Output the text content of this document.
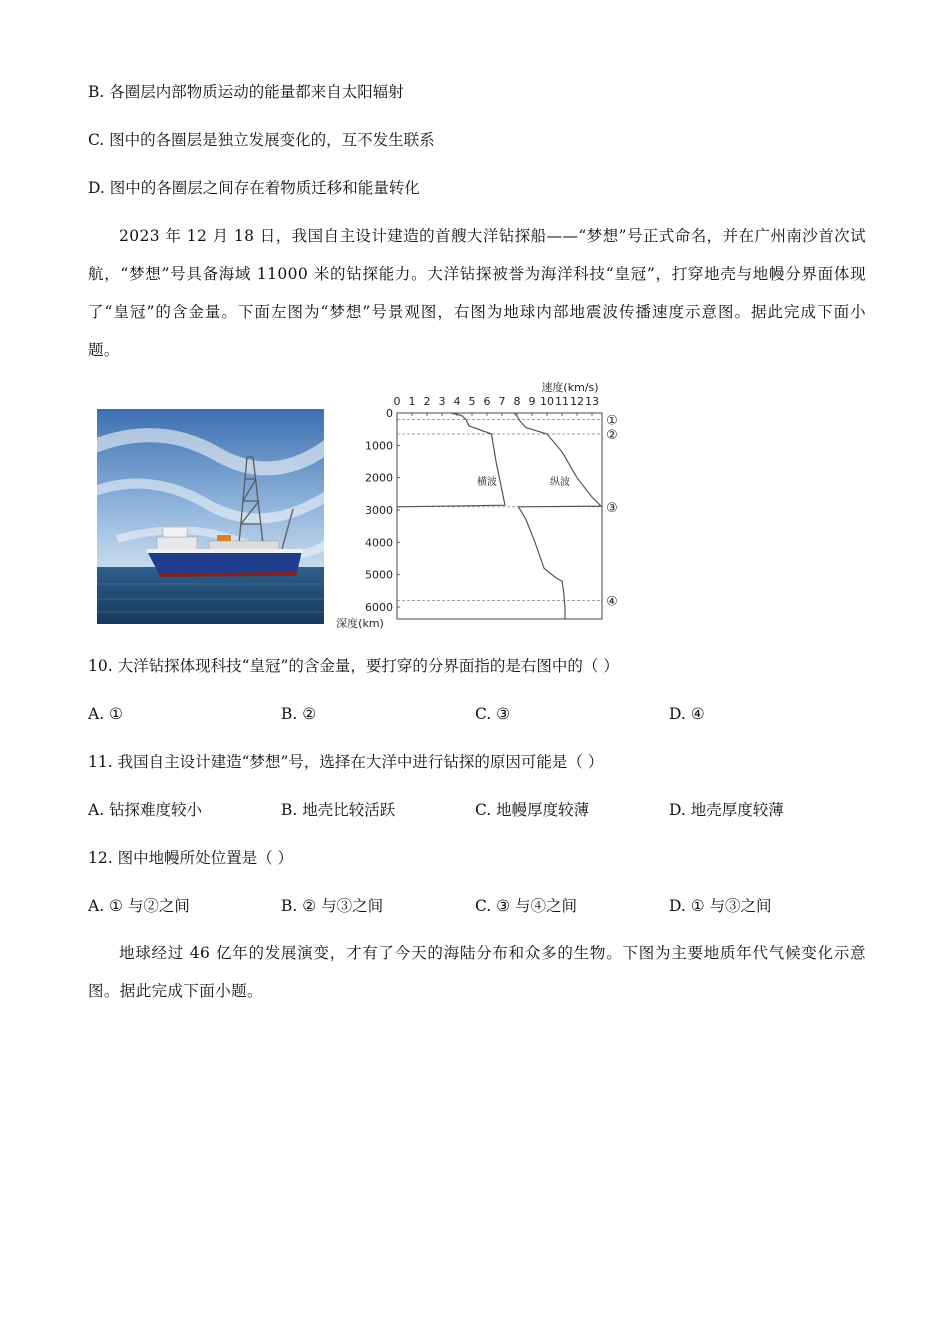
B. 各圈层内部物质运动的能量都来自太阳辐射
C. 图中的各圈层是独立发展变化的，互不发生联系
D. 图中的各圈层之间存在着物质迁移和能量转化
2023 年 12 月 18 日，我国自主设计建造的首艘大洋钻探船——“梦想”号正式命名，并在广州南沙首次试航，“梦想”号具备海域 11000 米的钻探能力。大洋钻探被誉为海洋科技“皇冠”，打穿地壳与地幔分界面体现了“皇冠”的含金量。下面左图为“梦想”号景观图，右图为地球内部地震波传播速度示意图。据此完成下面小题。
0 1 2 3 4 5 6 7 8 9 10 11 12 13
速度(km/s)
0
1000
2000
3000
4000
5000
6000
深度(km)
①
②
③
④
横波	纵波
10. 大洋钻探体现科技“皇冠”的含金量，要打穿的分界面指的是右图中的（ ）
A. ①	B. ②	C. ③	D. ④
11. 我国自主设计建造“梦想”号，选择在大洋中进行钻探的原因可能是（ ）
A. 钻探难度较小	B. 地壳比较活跃	C. 地幔厚度较薄	D. 地壳厚度较薄
12. 图中地幔所处位置是（ ）
A. ① 与②之间	B. ② 与③之间	C. ③ 与④之间	D. ① 与③之间
地球经过 46 亿年的发展演变，才有了今天的海陆分布和众多的生物。下图为主要地质年代气候变化示意图。据此完成下面小题。
